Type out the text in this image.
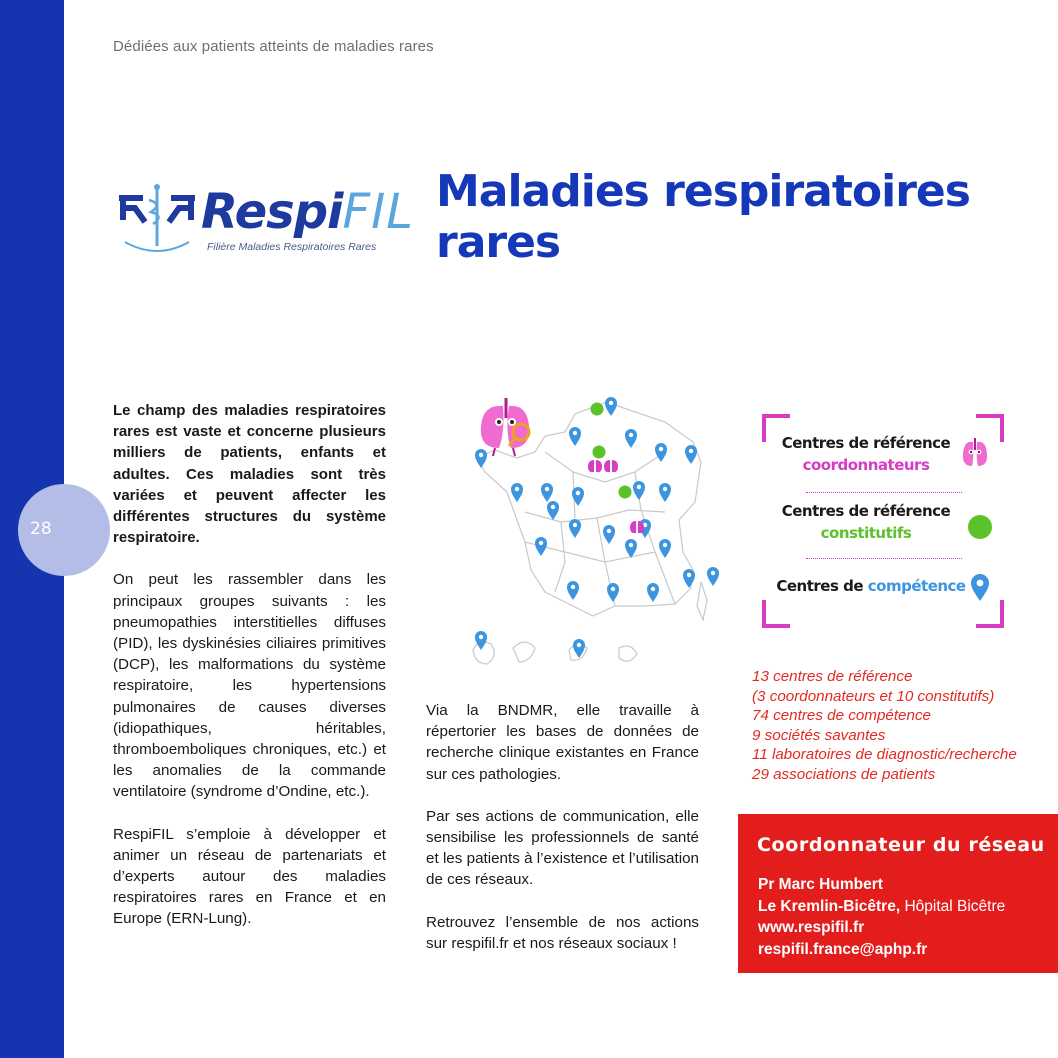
28
Dédiées aux patients atteints de maladies rares
RespiFIL
Filière Maladies Respiratoires Rares
Maladies respiratoires
rares

Le champ des maladies respiratoires rares est vaste et concerne plusieurs milliers de patients, enfants et adultes. Ces maladies sont très variées et peuvent affecter les différentes structures du système respiratoire.

On peut les rassembler dans les principaux groupes suivants : les pneumopathies interstitielles diffuses (PID), les dyskinésies ciliaires primitives (DCP), les malformations du système respiratoire, les hypertensions pulmonaires de causes diverses (idiopathiques, héritables, thromboemboliques chroniques, etc.) et les anomalies de la commande ventilatoire (syndrome d’Ondine, etc.).

RespiFIL s’emploie à développer et animer un réseau de partenariats et d’experts autour des maladies respiratoires rares en France et en Europe (ERN-Lung).

Via la BNDMR, elle travaille à répertorier les bases de données de recherche clinique existantes en France sur ces pathologies.

Par ses actions de communication, elle sensibilise les professionnels de santé et les patients à l’existence et l’utilisation de ces réseaux.

Retrouvez l’ensemble de nos actions sur respifil.fr et nos réseaux sociaux !

Centres de référence
coordonnateurs
Centres de référence
constitutifs
Centres de compétence
13 centres de référence
(3 coordonnateurs et 10 constitutifs)
74 centres de compétence
9 sociétés savantes
11 laboratoires de diagnostic/recherche
29 associations de patients
Coordonnateur du réseau
Pr Marc Humbert
Le Kremlin-Bicêtre, Hôpital Bicêtre
www.respifil.fr
respifil.france@aphp.fr
